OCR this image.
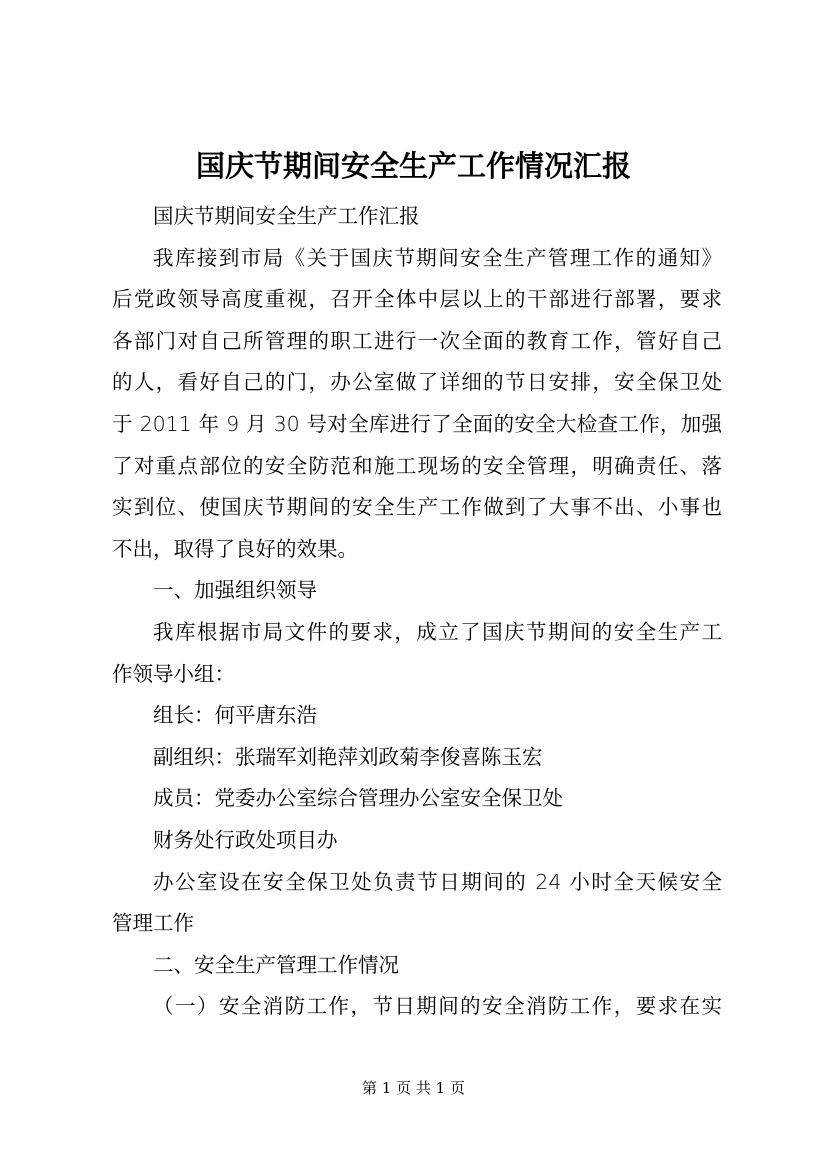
国庆节期间安全生产工作情况汇报
国庆节期间安全生产工作汇报
我库接到市局《关于国庆节期间安全生产管理工作的通知》
后党政领导高度重视，召开全体中层以上的干部进行部署，要求
各部门对自己所管理的职工进行一次全面的教育工作，管好自己
的人，看好自己的门，办公室做了详细的节日安排，安全保卫处
于 2011 年 9 月 30 号对全库进行了全面的安全大检查工作，加强
了对重点部位的安全防范和施工现场的安全管理，明确责任、落
实到位、使国庆节期间的安全生产工作做到了大事不出、小事也
不出，取得了良好的效果。
一、加强组织领导
我库根据市局文件的要求，成立了国庆节期间的安全生产工
作领导小组：
组长：何平唐东浩
副组织：张瑞军刘艳萍刘政菊李俊喜陈玉宏
成员：党委办公室综合管理办公室安全保卫处
财务处行政处项目办
办公室设在安全保卫处负责节日期间的 24 小时全天候安全
管理工作
二、安全生产管理工作情况
（一）安全消防工作，节日期间的安全消防工作，要求在实
第 1 页 共 1 页
